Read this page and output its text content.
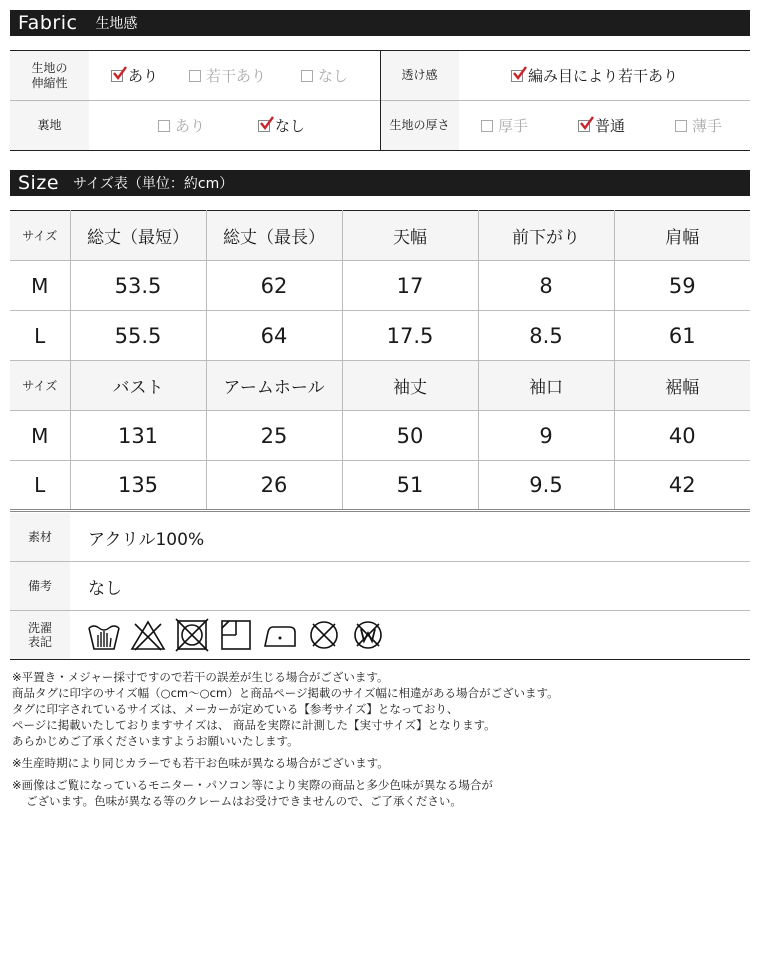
Fabric 生地感
生地の
伸縮性	あり	若干あり	なし	透け感	編み目により若干あり
裏地	あり	なし	生地の厚さ	厚手	普通	薄手
Size サイズ表（単位：約cm）
サイズ	総丈（最短）	総丈（最長）	天幅	前下がり	肩幅
M	53.5	62	17	8	59
L	55.5	64	17.5	8.5	61
サイズ	バスト	アームホール	袖丈	袖口	裾幅
M	131	25	50	9	40
L	135	26	51	9.5	42
素材	アクリル100%
備考	なし
洗濯
表記

※平置き・メジャー採寸ですので若干の誤差が生じる場合がございます。

商品タグに印字のサイズ幅（○cm～○cm）と商品ページ掲載のサイズ幅に相違がある場合がございます。

タグに印字されているサイズは、メーカーが定めている【参考サイズ】となっており、

ページに掲載いたしておりますサイズは、 商品を実際に計測した【実寸サイズ】となります。

あらかじめご了承くださいますようお願いいたします。

※生産時期により同じカラーでも若干お色味が異なる場合がございます。

※画像はご覧になっているモニター・パソコン等により実際の商品と多少色味が異なる場合が

ございます。色味が異なる等のクレームはお受けできませんので、ご了承ください。
